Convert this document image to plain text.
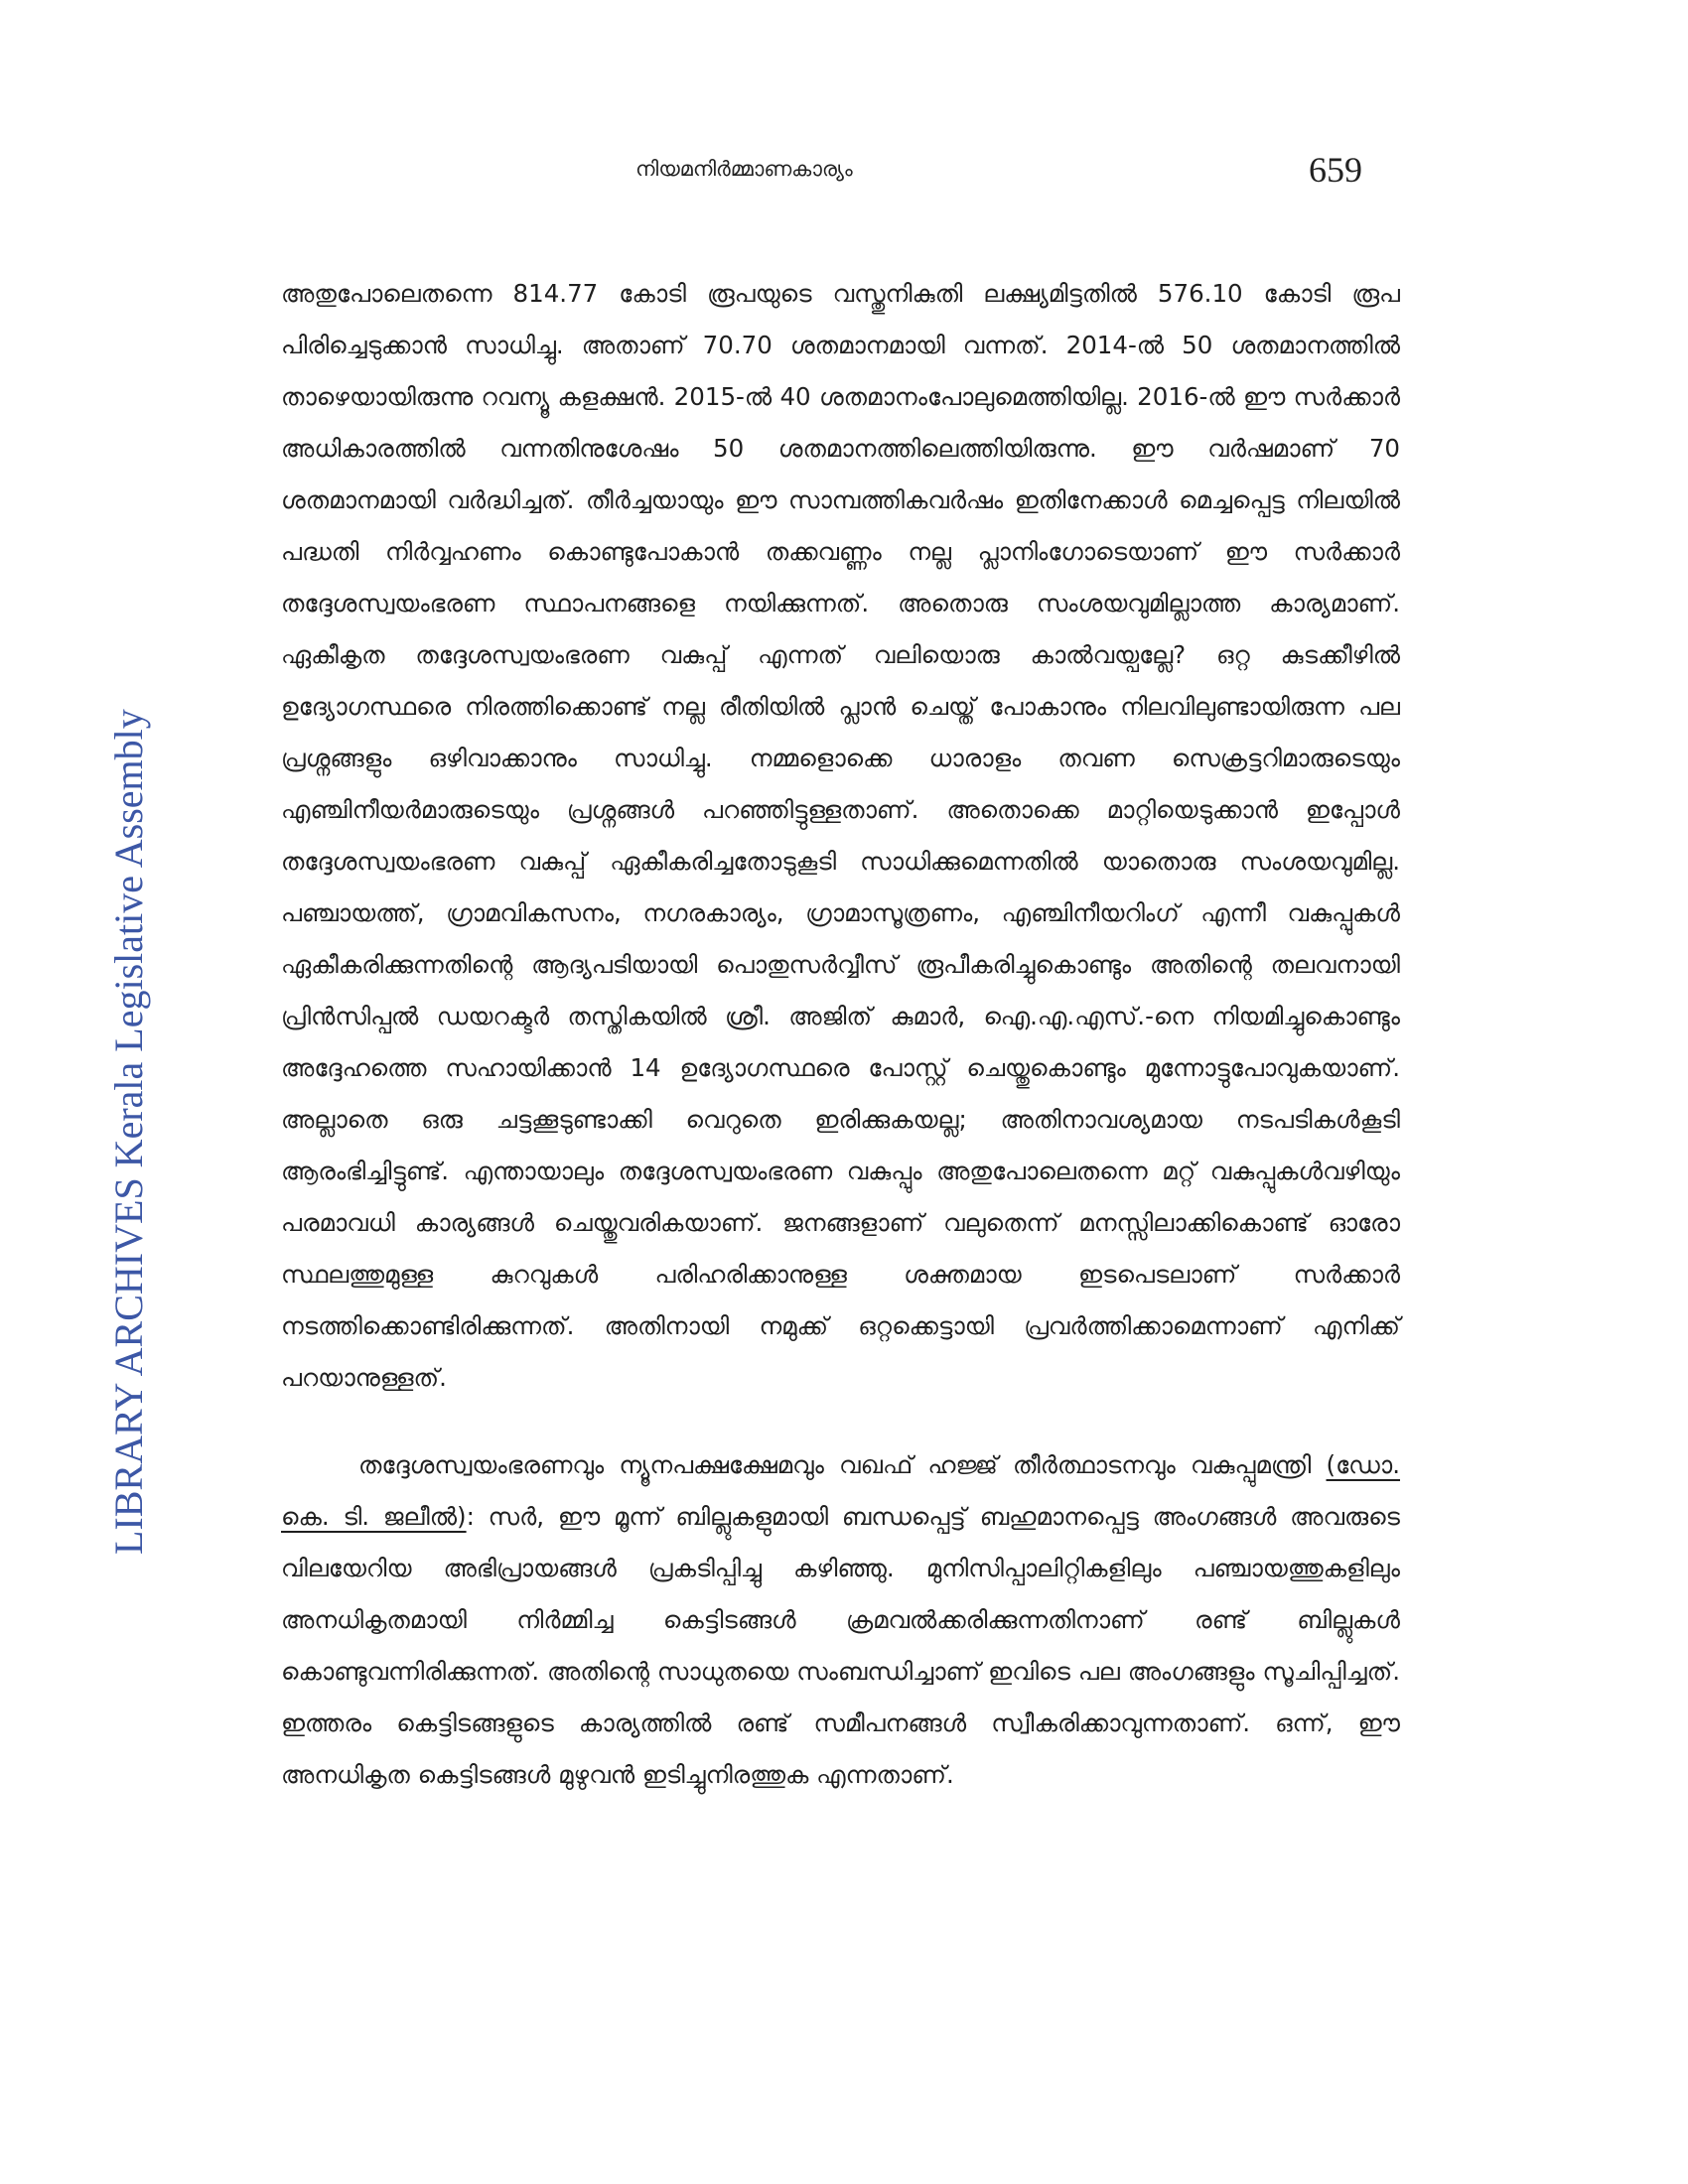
നിയമനിർമ്മാണകാര്യം	659
LIBRARY ARCHIVES Kerala Legislative Assembly

അതുപോലെതന്നെ 814.77 കോടി രൂപയുടെ വസ്തുനികുതി ലക്ഷ്യമിട്ടതിൽ 576.10 കോടി രൂപ പിരിച്ചെടുക്കാൻ സാധിച്ചു. അതാണ് 70.70 ശതമാനമായി വന്നത്. 2014-ൽ 50 ശതമാനത്തിൽ താഴെയായിരുന്നു റവന്യൂ കളക്ഷൻ. 2015-ൽ 40 ശതമാനംപോലുമെത്തിയില്ല. 2016-ൽ ഈ സർക്കാർ അധികാരത്തിൽ വന്നതിനുശേഷം 50 ശതമാനത്തിലെത്തിയിരുന്നു. ഈ വർഷമാണ് 70 ശതമാനമായി വർദ്ധിച്ചത്. തീർച്ചയായും ഈ സാമ്പത്തികവർഷം ഇതിനേക്കാൾ മെച്ചപ്പെട്ട നിലയിൽ പദ്ധതി നിർവ്വഹണം കൊണ്ടുപോകാൻ തക്കവണ്ണം നല്ല പ്ലാനിംഗോടെയാണ് ഈ സർക്കാർ തദ്ദേശസ്വയംഭരണ സ്ഥാപനങ്ങളെ നയിക്കുന്നത്. അതൊരു സംശയവുമില്ലാത്ത കാര്യമാണ്. ഏകീകൃത തദ്ദേശസ്വയംഭരണ വകുപ്പ് എന്നത് വലിയൊരു കാൽവയ്പല്ലേ? ഒറ്റ കുടക്കീഴിൽ ഉദ്യോഗസ്ഥരെ നിരത്തിക്കൊണ്ട് നല്ല രീതിയിൽ പ്ലാൻ ചെയ്ത് പോകാനും നിലവിലുണ്ടായിരുന്ന പല പ്രശ്നങ്ങളും ഒഴിവാക്കാനും സാധിച്ചു. നമ്മളൊക്കെ ധാരാളം തവണ സെക്രട്ടറിമാരുടെയും എഞ്ചിനീയർമാരുടെയും പ്രശ്നങ്ങൾ പറഞ്ഞിട്ടുള്ളതാണ്. അതൊക്കെ മാറ്റിയെടുക്കാൻ ഇപ്പോൾ തദ്ദേശസ്വയംഭരണ വകുപ്പ് ഏകീകരിച്ചതോടുകൂടി സാധിക്കുമെന്നതിൽ യാതൊരു സംശയവുമില്ല. പഞ്ചായത്ത്, ഗ്രാമവികസനം, നഗരകാര്യം, ഗ്രാമാസൂത്രണം, എഞ്ചിനീയറിംഗ് എന്നീ വകുപ്പുകൾ ഏകീകരിക്കുന്നതിന്റെ ആദ്യപടിയായി പൊതുസർവ്വീസ് രൂപീകരിച്ചുകൊണ്ടും അതിന്റെ തലവനായി പ്രിൻസിപ്പൽ ഡയറക്ടർ തസ്തികയിൽ ശ്രീ. അജിത് കുമാർ, ഐ.എ.എസ്.-നെ നിയമിച്ചുകൊണ്ടും അദ്ദേഹത്തെ സഹായിക്കാൻ 14 ഉദ്യോഗസ്ഥരെ പോസ്റ്റ് ചെയ്തുകൊണ്ടും മുന്നോട്ടുപോവുകയാണ്. അല്ലാതെ ഒരു ചട്ടക്കൂടുണ്ടാക്കി വെറുതെ ഇരിക്കുകയല്ല; അതിനാവശ്യമായ നടപടികൾകൂടി ആരംഭിച്ചിട്ടുണ്ട്. എന്തായാലും തദ്ദേശസ്വയംഭരണ വകുപ്പും അതുപോലെതന്നെ മറ്റ് വകുപ്പുകൾവഴിയും പരമാവധി കാര്യങ്ങൾ ചെയ്തുവരികയാണ്. ജനങ്ങളാണ് വലുതെന്ന് മനസ്സിലാക്കികൊണ്ട് ഓരോ സ്ഥലത്തുമുള്ള കുറവുകൾ പരിഹരിക്കാനുള്ള ശക്തമായ ഇടപെടലാണ് സർക്കാർ നടത്തിക്കൊണ്ടിരിക്കുന്നത്. അതിനായി നമുക്ക് ഒറ്റക്കെട്ടായി പ്രവർത്തിക്കാമെന്നാണ് എനിക്ക് പറയാനുള്ളത്.

തദ്ദേശസ്വയംഭരണവും ന്യൂനപക്ഷക്ഷേമവും വഖഫ് ഹജ്ജ് തീർത്ഥാടനവും വകുപ്പുമന്ത്രി (ഡോ. കെ. ടി. ജലീൽ): സർ, ഈ മൂന്ന് ബില്ലുകളുമായി ബന്ധപ്പെട്ട് ബഹുമാനപ്പെട്ട അംഗങ്ങൾ അവരുടെ വിലയേറിയ അഭിപ്രായങ്ങൾ പ്രകടിപ്പിച്ചു കഴിഞ്ഞു. മുനിസിപ്പാലിറ്റികളിലും പഞ്ചായത്തുകളിലും അനധികൃതമായി നിർമ്മിച്ച കെട്ടിടങ്ങൾ ക്രമവൽക്കരിക്കുന്നതിനാണ് രണ്ട് ബില്ലുകൾ കൊണ്ടുവന്നിരിക്കുന്നത്. അതിന്റെ സാധുതയെ സംബന്ധിച്ചാണ് ഇവിടെ പല അംഗങ്ങളും സൂചിപ്പിച്ചത്. ഇത്തരം കെട്ടിടങ്ങളുടെ കാര്യത്തിൽ രണ്ട് സമീപനങ്ങൾ സ്വീകരിക്കാവുന്നതാണ്. ഒന്ന്, ഈ അനധികൃത കെട്ടിടങ്ങൾ മുഴുവൻ ഇടിച്ചുനിരത്തുക എന്നതാണ്.
